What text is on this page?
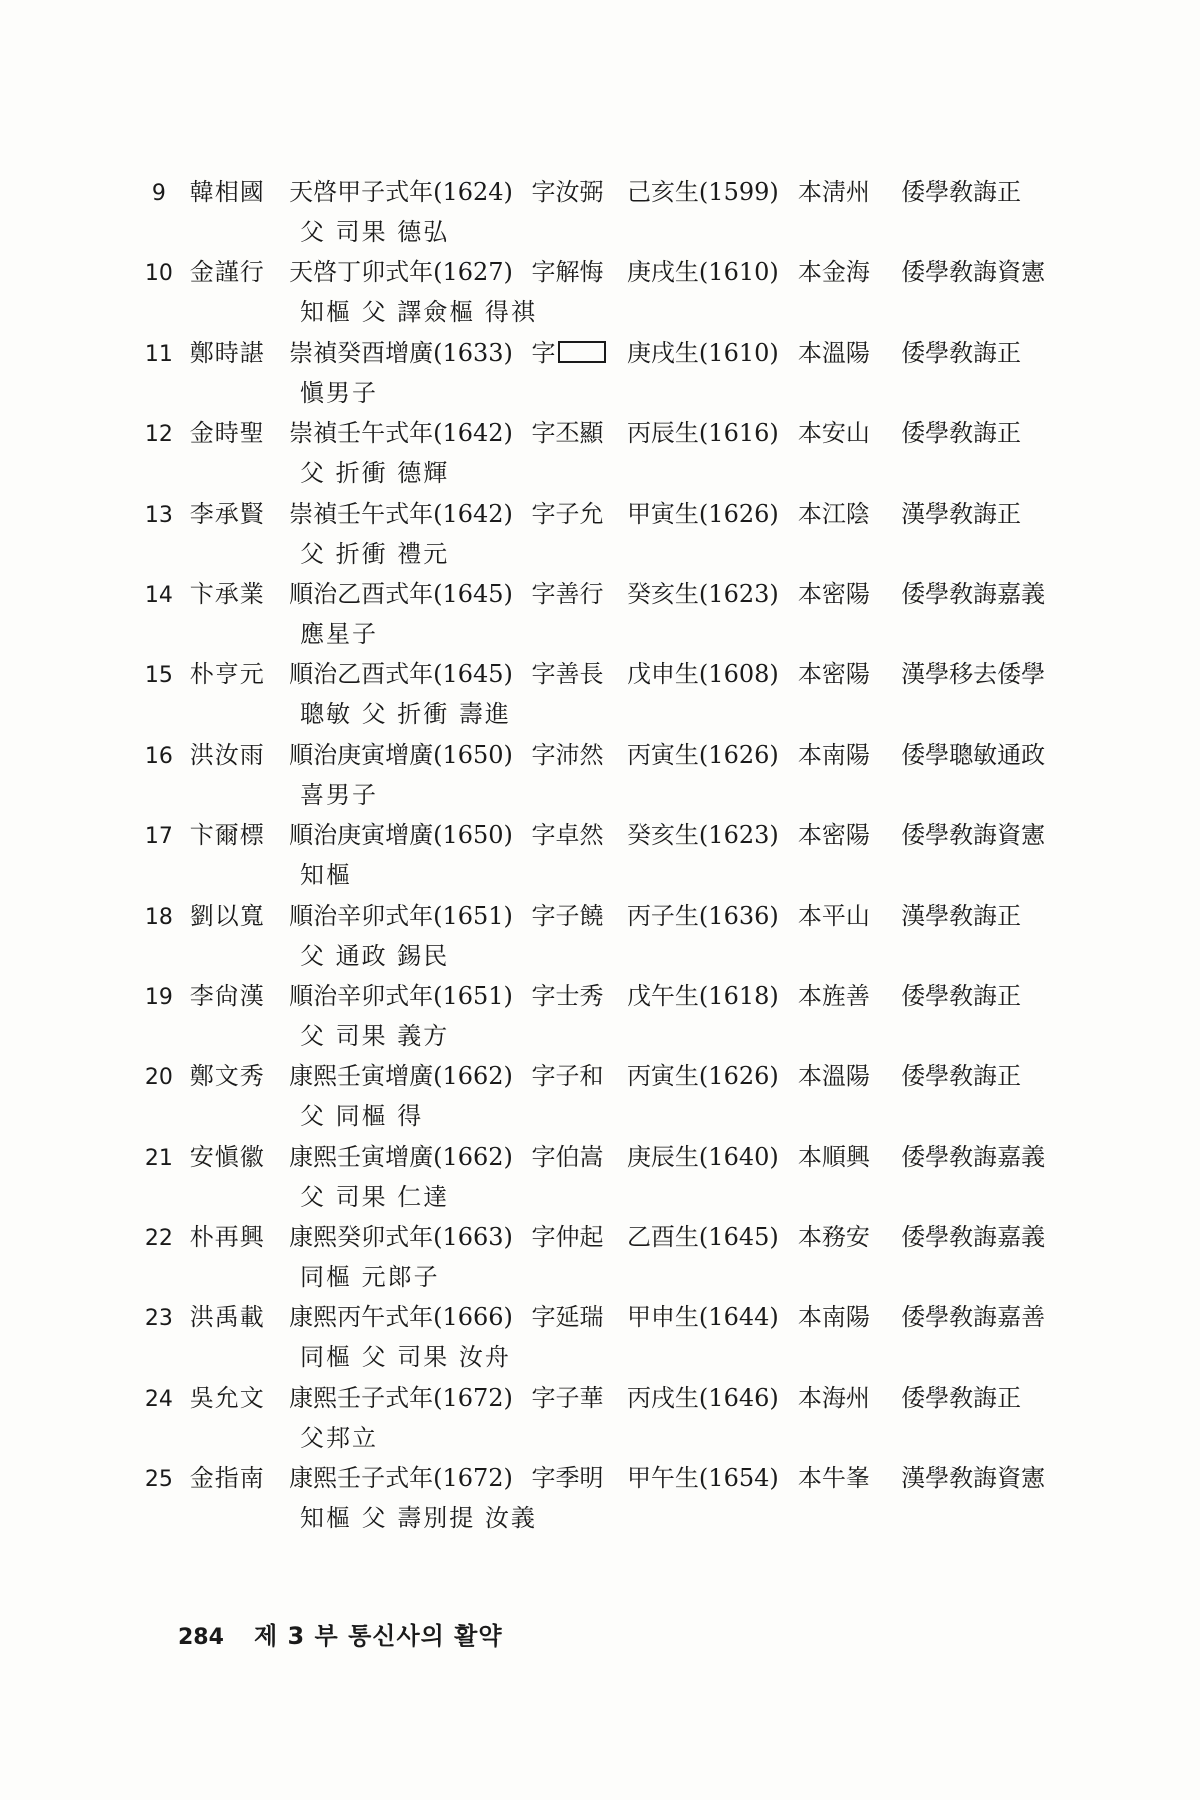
9 韓相國	天啓甲子式年(1624) 字汝弼 己亥生(1599) 本淸州	倭學敎誨正
父 司果 德弘
10 金謹行	天啓丁卯式年(1627) 字解悔 庚戌生(1610) 本金海	倭學敎誨資憲
知樞 父 譯僉樞 得祺
11 鄭時諶	崇禎癸酉增廣(1633) 字	庚戌生(1610) 本溫陽	倭學敎誨正
愼男子
12 金時聖	崇禎壬午式年(1642) 字丕顯 丙辰生(1616) 本安山	倭學敎誨正
父 折衝 德輝
13 李承賢	崇禎壬午式年(1642) 字子允 甲寅生(1626) 本江陰	漢學敎誨正
父 折衝 禮元
14 卞承業	順治乙酉式年(1645) 字善行 癸亥生(1623) 本密陽	倭學敎誨嘉義
應星子
15 朴亨元	順治乙酉式年(1645) 字善長 戊申生(1608) 本密陽	漢學移去倭學
聰敏 父 折衝 壽進
16 洪汝雨	順治庚寅增廣(1650) 字沛然 丙寅生(1626) 本南陽	倭學聰敏通政
喜男子
17 卞爾標	順治庚寅增廣(1650) 字卓然 癸亥生(1623) 本密陽	倭學敎誨資憲
知樞
18 劉以寬	順治辛卯式年(1651) 字子饒 丙子生(1636) 本平山	漢學敎誨正
父 通政 錫民
19 李尙漢	順治辛卯式年(1651) 字士秀 戊午生(1618) 本旌善	倭學敎誨正
父 司果 義方
20 鄭文秀	康熙壬寅增廣(1662) 字子和 丙寅生(1626) 本溫陽	倭學敎誨正
父 同樞 得
21 安愼徽	康熙壬寅增廣(1662) 字伯嵩 庚辰生(1640) 本順興	倭學敎誨嘉義
父 司果 仁達
22 朴再興	康熙癸卯式年(1663) 字仲起 乙酉生(1645) 本務安	倭學敎誨嘉義
同樞 元郞子
23 洪禹載	康熙丙午式年(1666) 字延瑞 甲申生(1644) 本南陽	倭學敎誨嘉善
同樞 父 司果 汝舟
24 吳允文	康熙壬子式年(1672) 字子華 丙戌生(1646) 本海州	倭學敎誨正
父邦立
25 金指南	康熙壬子式年(1672) 字季明 甲午生(1654) 本牛峯	漢學敎誨資憲
知樞 父 壽別提 汝義
284 제 3 부 통신사의 활약
